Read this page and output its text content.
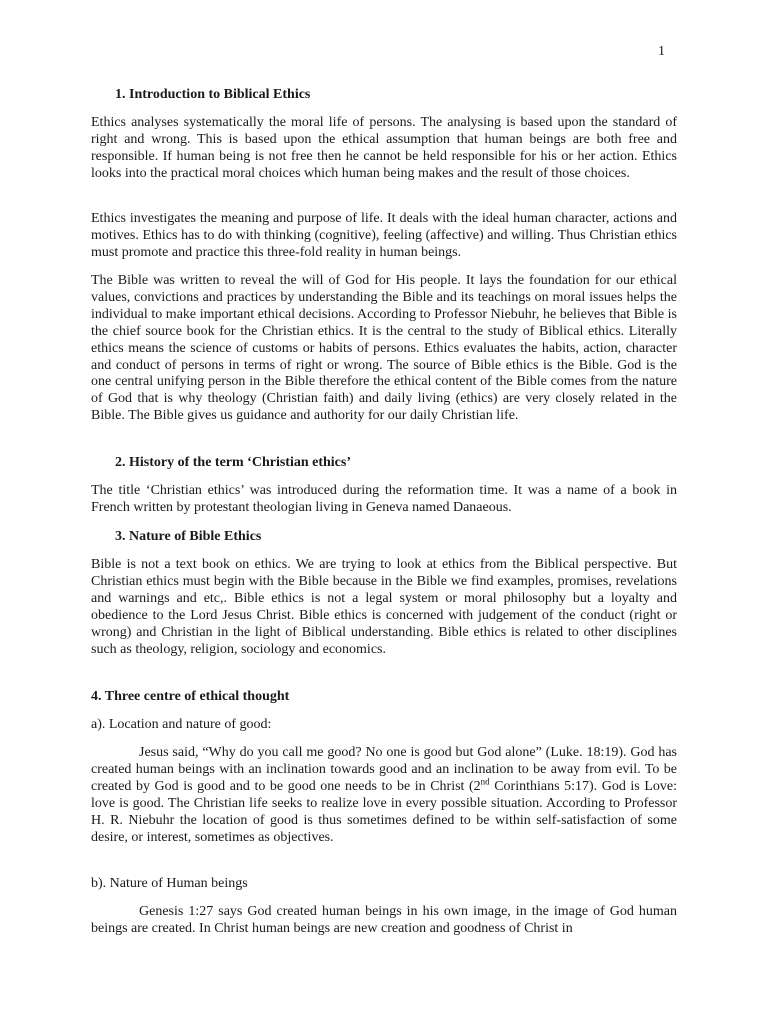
1
1. Introduction to Biblical Ethics

Ethics analyses systematically the moral life of persons. The analysing is based upon the standard of right and wrong. This is based upon the ethical assumption that human beings are both free and responsible. If human being is not free then he cannot be held responsible for his or her action. Ethics looks into the practical moral choices which human being makes and the result of those choices.

Ethics investigates the meaning and purpose of life. It deals with the ideal human character, actions and motives. Ethics has to do with thinking (cognitive), feeling (affective) and willing. Thus Christian ethics must promote and practice this three-fold reality in human beings.

The Bible was written to reveal the will of God for His people. It lays the foundation for our ethical values, convictions and practices by understanding the Bible and its teachings on moral issues helps the individual to make important ethical decisions. According to Professor Niebuhr, he believes that Bible is the chief source book for the Christian ethics. It is the central to the study of Biblical ethics. Literally ethics means the science of customs or habits of persons. Ethics evaluates the habits, action, character and conduct of persons in terms of right or wrong. The source of Bible ethics is the Bible. God is the one central unifying person in the Bible therefore the ethical content of the Bible comes from the nature of God that is why theology (Christian faith) and daily living (ethics) are very closely related in the Bible. The Bible gives us guidance and authority for our daily Christian life.

2. History of the term ‘Christian ethics’

The title ‘Christian ethics’ was introduced during the reformation time. It was a name of a book in French written by protestant theologian living in Geneva named Danaeous.

3. Nature of Bible Ethics

Bible is not a text book on ethics. We are trying to look at ethics from the Biblical perspective. But Christian ethics must begin with the Bible because in the Bible we find examples, promises, revelations and warnings and etc,. Bible ethics is not a legal system or moral philosophy but a loyalty and obedience to the Lord Jesus Christ. Bible ethics is concerned with judgement of the conduct (right or wrong) and Christian in the light of Biblical understanding. Bible ethics is related to other disciplines such as theology, religion, sociology and economics.

4. Three centre of ethical thought

a). Location and nature of good:

Jesus said, “Why do you call me good? No one is good but God alone” (Luke. 18:19). God has created human beings with an inclination towards good and an inclination to be away from evil. To be created by God is good and to be good one needs to be in Christ (2nd Corinthians 5:17). God is Love: love is good. The Christian life seeks to realize love in every possible situation. According to Professor H. R. Niebuhr the location of good is thus sometimes defined to be within self-satisfaction of some desire, or interest, sometimes as objectives.

b). Nature of Human beings

Genesis 1:27 says God created human beings in his own image, in the image of God human beings are created. In Christ human beings are new creation and goodness of Christ in
